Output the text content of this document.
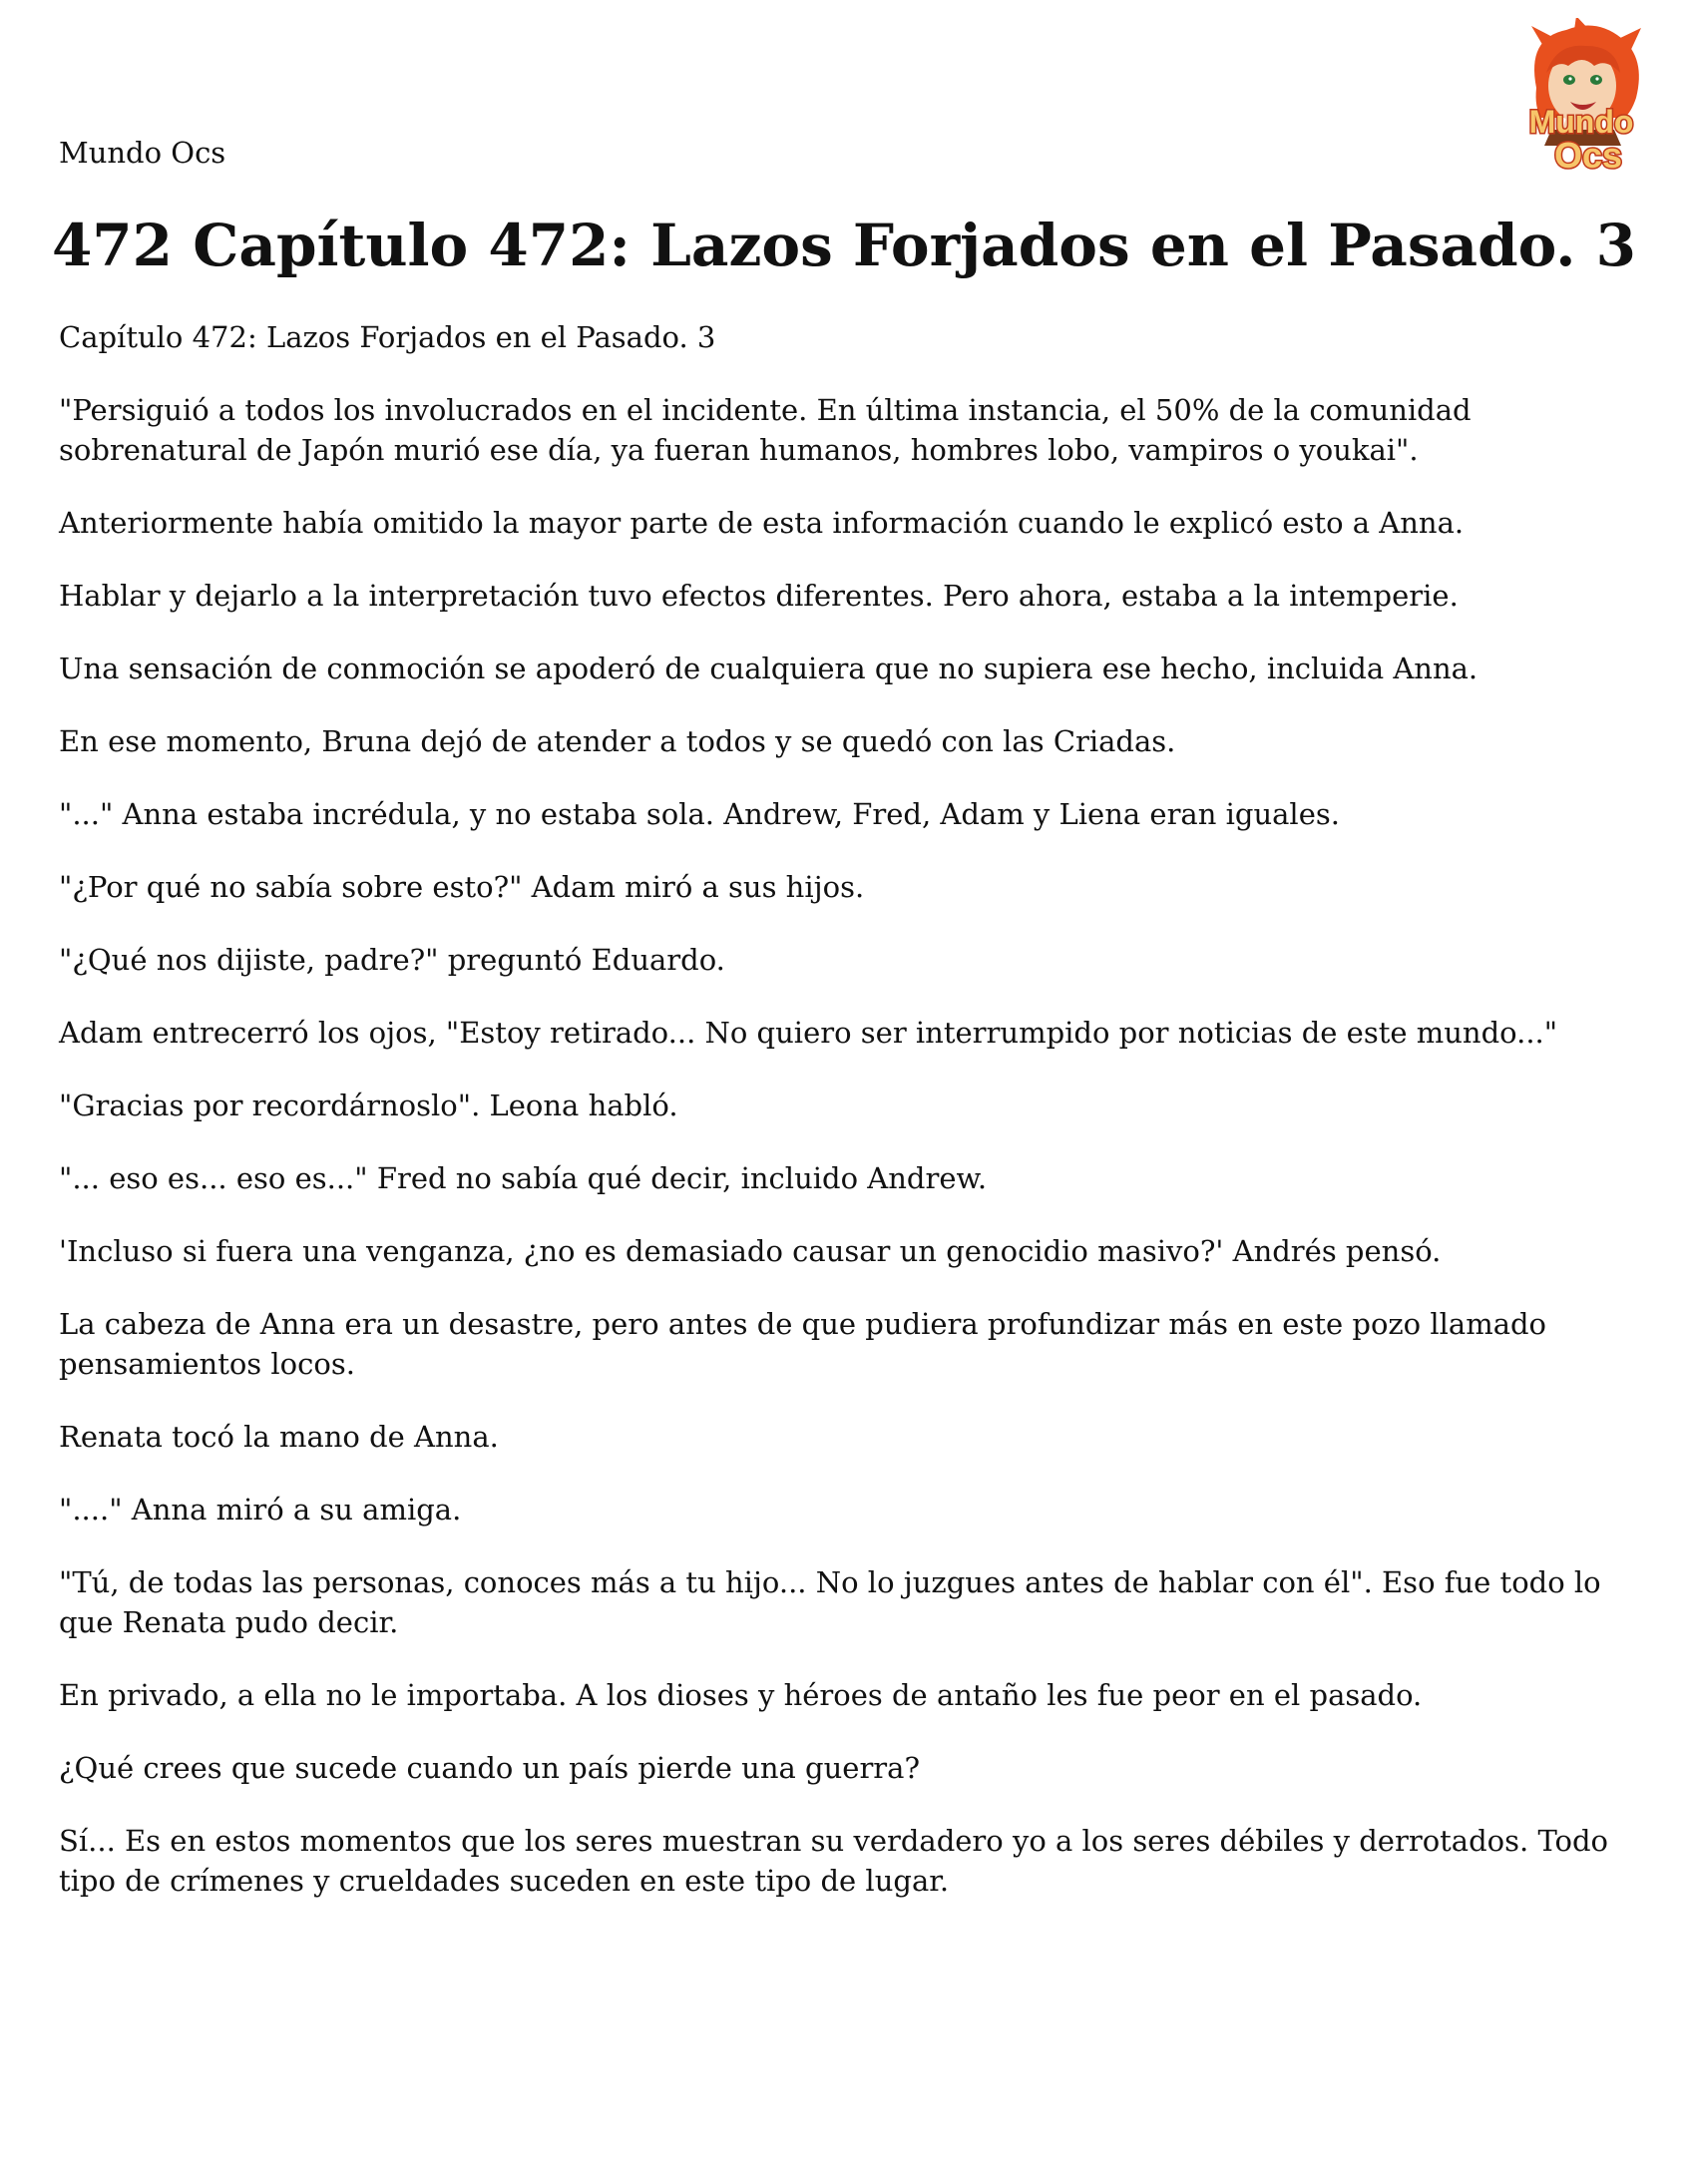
Mundo Ocs

Mundo
Ocs
472 Capítulo 472: Lazos Forjados en el Pasado. 3

Capítulo 472: Lazos Forjados en el Pasado. 3

"Persiguió a todos los involucrados en el incidente. En última instancia, el 50% de la comunidad sobrenatural de Japón murió ese día, ya fueran humanos, hombres lobo, vampiros o youkai".

Anteriormente había omitido la mayor parte de esta información cuando le explicó esto a Anna.

Hablar y dejarlo a la interpretación tuvo efectos diferentes. Pero ahora, estaba a la intemperie.

Una sensación de conmoción se apoderó de cualquiera que no supiera ese hecho, incluida Anna.

En ese momento, Bruna dejó de atender a todos y se quedó con las Criadas.

"..." Anna estaba incrédula, y no estaba sola. Andrew, Fred, Adam y Liena eran iguales.

"¿Por qué no sabía sobre esto?" Adam miró a sus hijos.

"¿Qué nos dijiste, padre?" preguntó Eduardo.

Adam entrecerró los ojos, "Estoy retirado... No quiero ser interrumpido por noticias de este mundo..."

"Gracias por recordárnoslo". Leona habló.

"... eso es... eso es..." Fred no sabía qué decir, incluido Andrew.

'Incluso si fuera una venganza, ¿no es demasiado causar un genocidio masivo?' Andrés pensó.

La cabeza de Anna era un desastre, pero antes de que pudiera profundizar más en este pozo llamado pensamientos locos.

Renata tocó la mano de Anna.

"...." Anna miró a su amiga.

"Tú, de todas las personas, conoces más a tu hijo... No lo juzgues antes de hablar con él". Eso fue todo lo que Renata pudo decir.

En privado, a ella no le importaba. A los dioses y héroes de antaño les fue peor en el pasado.

¿Qué crees que sucede cuando un país pierde una guerra?

Sí... Es en estos momentos que los seres muestran su verdadero yo a los seres débiles y derrotados. Todo tipo de crímenes y crueldades suceden en este tipo de lugar.
